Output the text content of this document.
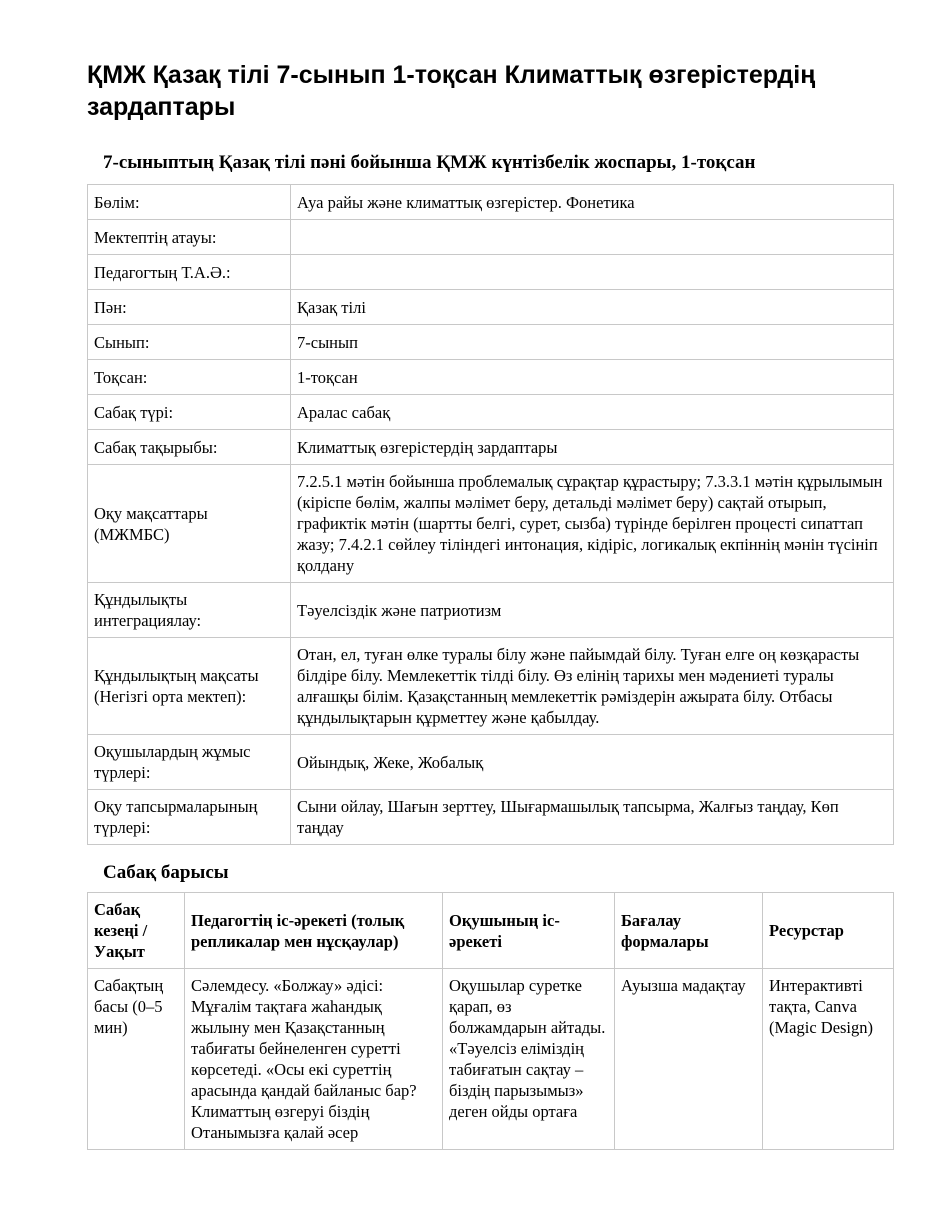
ҚМЖ Қазақ тілі 7-сынып 1-тоқсан Климаттық өзгерістердің зардаптары
7-сыныптың Қазақ тілі пәні бойынша ҚМЖ күнтізбелік жоспары, 1-тоқсан
Бөлім:	Ауа райы және климаттық өзгерістер. Фонетика
Мектептің атауы:	
Педагогтың Т.А.Ә.:	
Пән:	Қазақ тілі
Сынып:	7-сынып
Тоқсан:	1-тоқсан
Сабақ түрі:	Аралас сабақ
Сабақ тақырыбы:	Климаттық өзгерістердің зардаптары
Оқу мақсаттары (МЖМБС)	7.2.5.1 мәтін бойынша проблемалық сұрақтар құрастыру; 7.3.3.1 мәтін құрылымын (кіріспе бөлім, жалпы мәлімет беру, детальді мәлімет беру) сақтай отырып, графиктік мәтін (шартты белгі, сурет, сызба) түрінде берілген процесті сипаттап жазу; 7.4.2.1 сөйлеу тіліндегі интонация, кідіріс, логикалық екпіннің мәнін түсініп қолдану
Құндылықты интеграциялау:	Тәуелсіздік және патриотизм
Құндылықтың мақсаты (Негізгі орта мектеп):	Отан, ел, туған өлке туралы білу және пайымдай білу. Туған елге оң көзқарасты білдіре білу. Мемлекеттік тілді білу. Өз елінің тарихы мен мәдениеті туралы алғашқы білім. Қазақстанның мемлекеттік рәміздерін ажырата білу. Отбасы құндылықтарын құрметтеу және қабылдау.
Оқушылардың жұмыс түрлері:	Ойындық, Жеке, Жобалық
Оқу тапсырмаларының түрлері:	Сыни ойлау, Шағын зерттеу, Шығармашылық тапсырма, Жалғыз таңдау, Көп таңдау
Сабақ барысы
Сабақ кезеңі / Уақыт	Педагогтің іс-әрекеті (толық репликалар мен нұсқаулар)	Оқушының іс-әрекеті	Бағалау формалары	Ресурстар
Сабақтың басы (0–5 мин)	Сәлемдесу. «Болжау» әдісі: Мұғалім тақтаға жаһандық жылыну мен Қазақстанның табиғаты бейнеленген суретті көрсетеді. «Осы екі суреттің арасында қандай байланыс бар? Климаттың өзгеруі біздің Отанымызға қалай әсер	Оқушылар суретке қарап, өз болжамдарын айтады. «Тәуелсіз еліміздің табиғатын сақтау – біздің парызымыз» деген ойды ортаға	Ауызша мадақтау	Интерактивті тақта, Canva (Magic Design)
